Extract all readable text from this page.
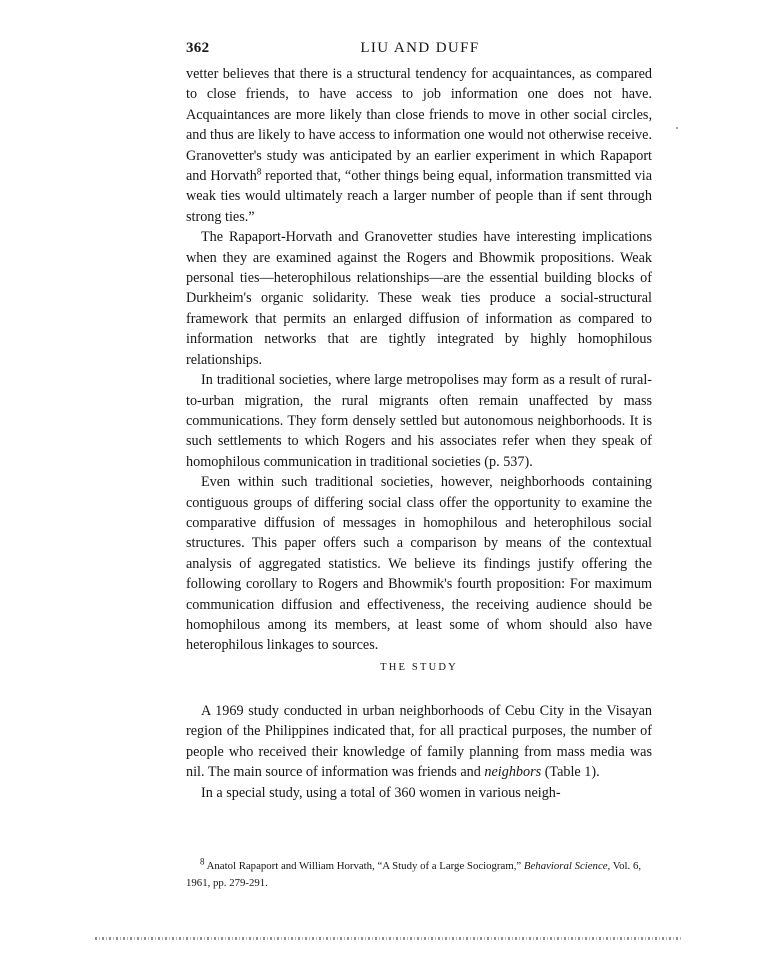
362	LIU AND DUFF

vetter believes that there is a structural tendency for acquaintances, as compared to close friends, to have access to job information one does not have. Acquaintances are more likely than close friends to move in other social circles, and thus are likely to have access to information one would not otherwise receive. Granovetter's study was anticipated by an earlier experiment in which Rapaport and Horvath$^8$ reported that, “other things being equal, information transmitted via weak ties would ultimately reach a larger number of people than if sent through strong ties.”

The Rapaport-Horvath and Granovetter studies have interesting implications when they are examined against the Rogers and Bhowmik propositions. Weak personal ties—heterophilous relationships—are the essential building blocks of Durkheim's organic solidarity. These weak ties produce a social-structural framework that permits an enlarged diffusion of information as compared to information networks that are tightly integrated by highly homophilous relationships.

In traditional societies, where large metropolises may form as a result of rural-to-urban migration, the rural migrants often remain unaffected by mass communications. They form densely settled but autonomous neighborhoods. It is such settlements to which Rogers and his associates refer when they speak of homophilous communication in traditional societies (p. 537).

Even within such traditional societies, however, neighborhoods containing contiguous groups of differing social class offer the opportunity to examine the comparative diffusion of messages in homophilous and heterophilous social structures. This paper offers such a comparison by means of the contextual analysis of aggregated statistics. We believe its findings justify offering the following corollary to Rogers and Bhowmik's fourth proposition: For maximum communication diffusion and effectiveness, the receiving audience should be homophilous among its members, at least some of whom should also have heterophilous linkages to sources.

THE STUDY

A 1969 study conducted in urban neighborhoods of Cebu City in the Visayan region of the Philippines indicated that, for all practical purposes, the number of people who received their knowledge of family planning from mass media was nil. The main source of information was friends and neighbors (Table 1).

In a special study, using a total of 360 women in various neigh-

$^8$ Anatol Rapaport and William Horvath, “A Study of a Large Sociogram,” Behavioral Science, Vol. 6, 1961, pp. 279-291.
